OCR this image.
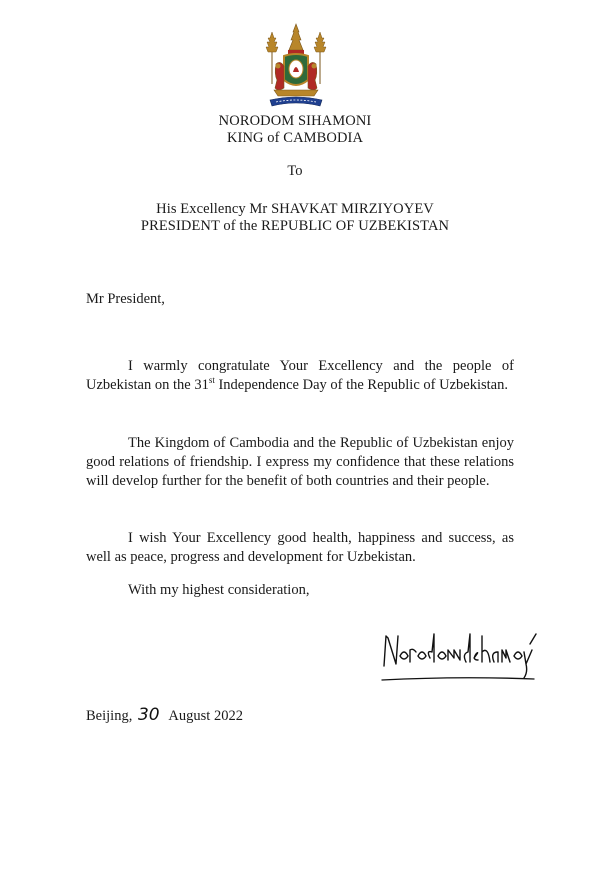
NORODOM SIHAMONI
KING of CAMBODIA
To
His Excellency Mr SHAVKAT MIRZIYOYEV
PRESIDENT of the REPUBLIC OF UZBEKISTAN
Mr President,
I warmly congratulate Your Excellency and the people of Uzbekistan on the 31st Independence Day of the Republic of Uzbekistan.
The Kingdom of Cambodia and the Republic of Uzbekistan enjoy good relations of friendship. I express my confidence that these relations will develop further for the benefit of both countries and their people.
I wish Your Excellency good health, happiness and success, as well as peace, progress and development for Uzbekistan.
With my highest consideration,
Beijing, 30 August 2022
